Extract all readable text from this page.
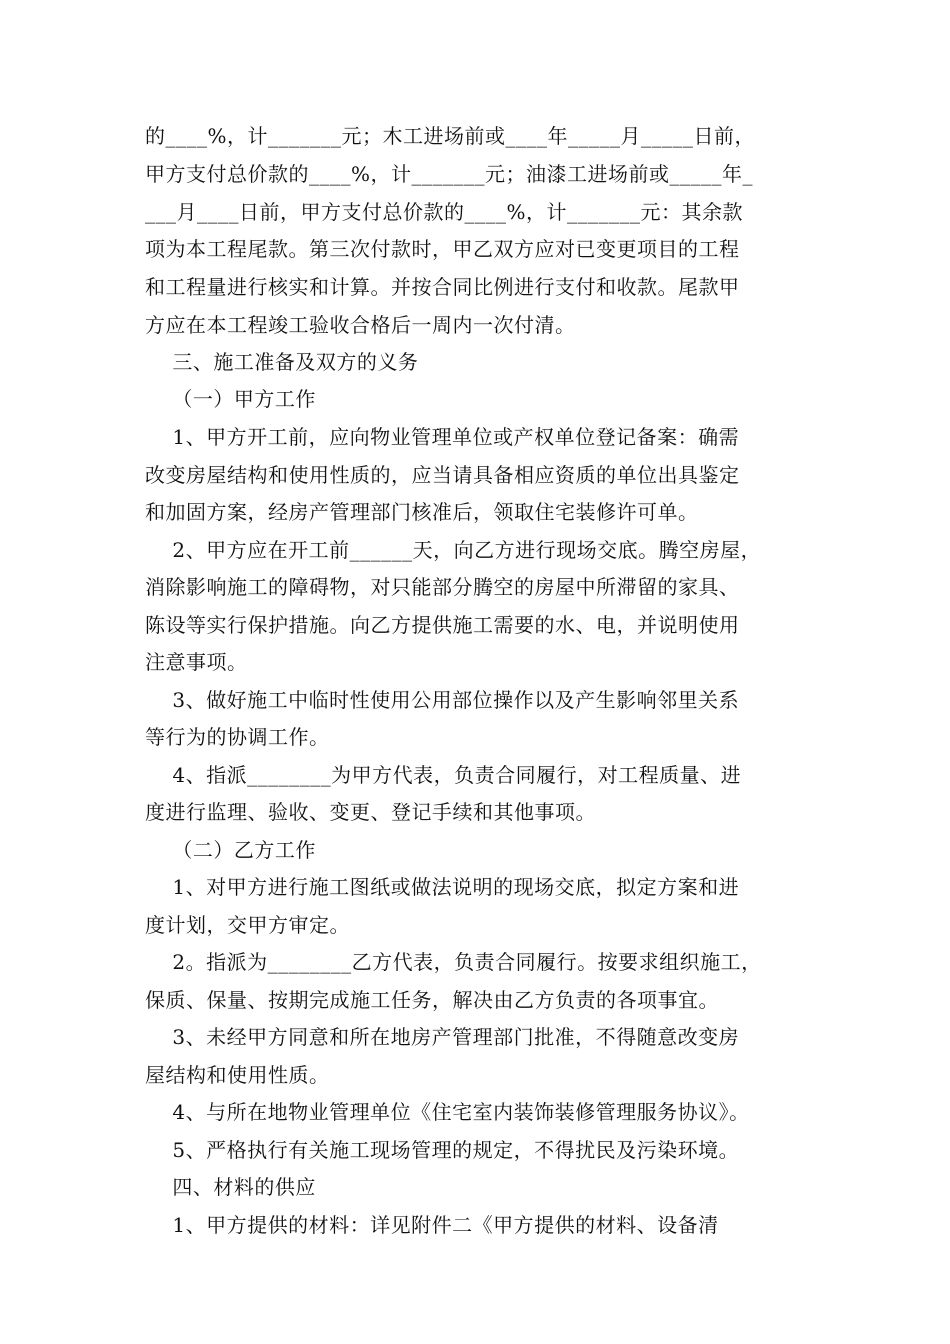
的____%，计_______元；木工进场前或____年_____月_____日前，
甲方支付总价款的____%，计_______元；油漆工进场前或_____年_
___月____日前，甲方支付总价款的____%，计_______元：其余款
项为本工程尾款。第三次付款时，甲乙双方应对已变更项目的工程
和工程量进行核实和计算。并按合同比例进行支付和收款。尾款甲
方应在本工程竣工验收合格后一周内一次付清。
三、施工准备及双方的义务
（一）甲方工作
1、甲方开工前，应向物业管理单位或产权单位登记备案：确需
改变房屋结构和使用性质的，应当请具备相应资质的单位出具鉴定
和加固方案，经房产管理部门核准后，领取住宅装修许可单。
2、甲方应在开工前______天，向乙方进行现场交底。腾空房屋，
消除影响施工的障碍物，对只能部分腾空的房屋中所滞留的家具、
陈设等实行保护措施。向乙方提供施工需要的水、电，并说明使用
注意事项。
3、做好施工中临时性使用公用部位操作以及产生影响邻里关系
等行为的协调工作。
4、指派________为甲方代表，负责合同履行，对工程质量、进
度进行监理、验收、变更、登记手续和其他事项。
（二）乙方工作
1、对甲方进行施工图纸或做法说明的现场交底，拟定方案和进
度计划，交甲方审定。
2。指派为________乙方代表，负责合同履行。按要求组织施工，
保质、保量、按期完成施工任务，解决由乙方负责的各项事宜。
3、未经甲方同意和所在地房产管理部门批准，不得随意改变房
屋结构和使用性质。
4、与所在地物业管理单位《住宅室内装饰装修管理服务协议》。
5、严格执行有关施工现场管理的规定，不得扰民及污染环境。
四、材料的供应
1、甲方提供的材料：详见附件二《甲方提供的材料、设备清
